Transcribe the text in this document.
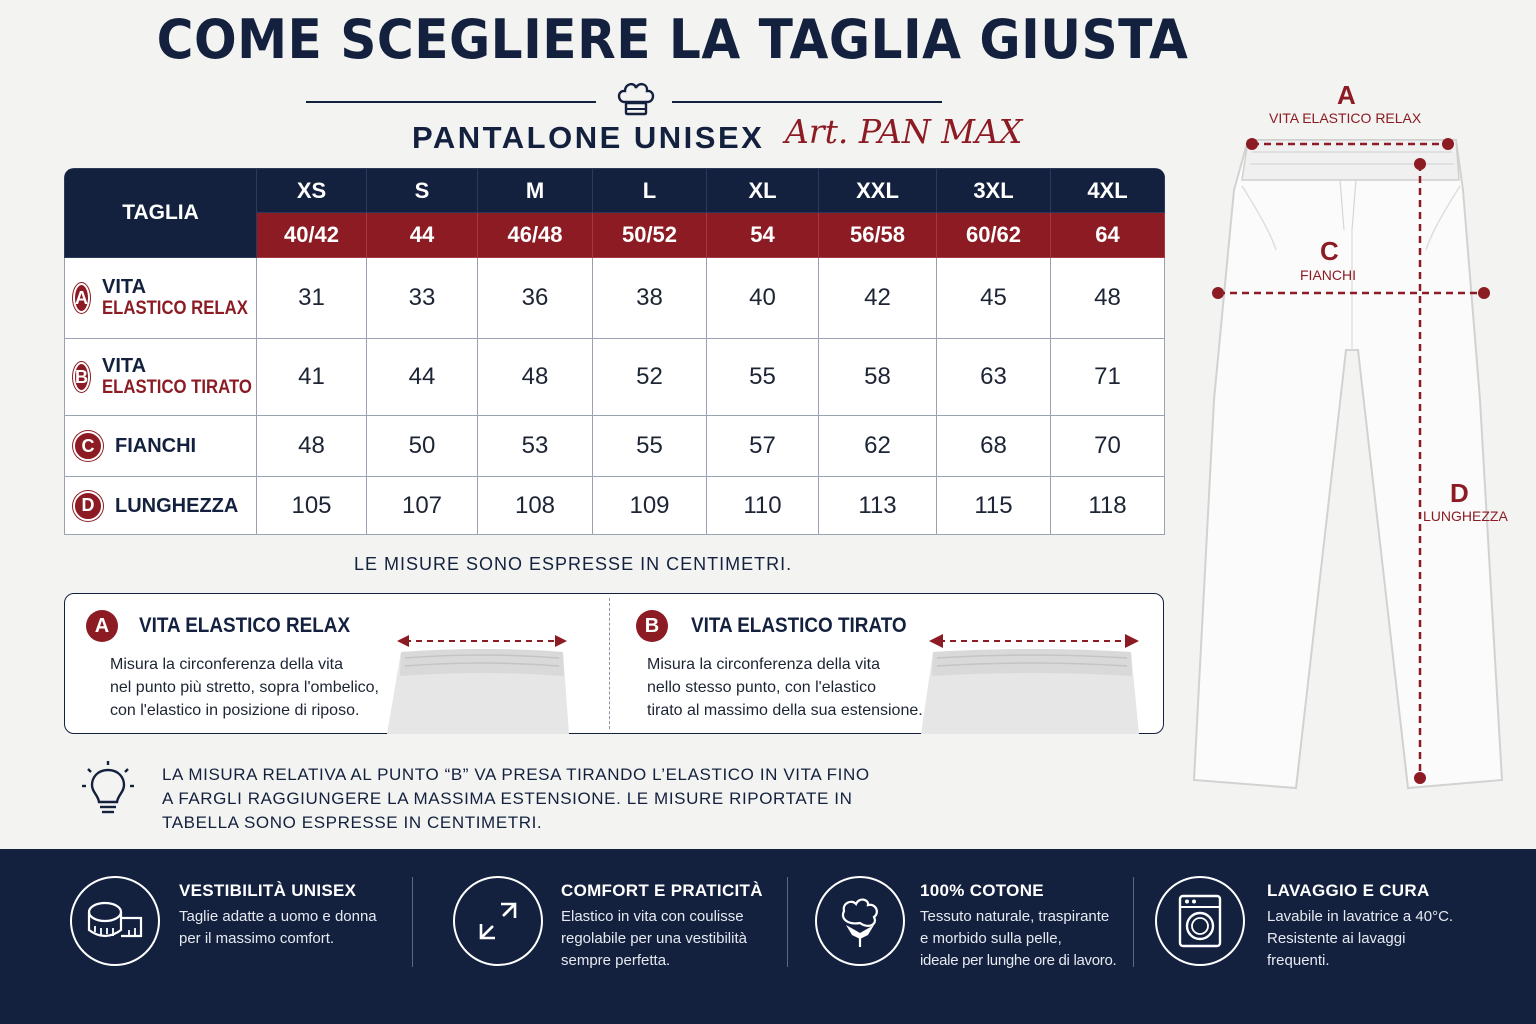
COME SCEGLIERE LA TAGLIA GIUSTA
PANTALONE UNISEX Art. PAN MAX
TAGLIA	XS	S	M	L	XL	XXL	3XL	4XL
	40/42	44	46/48	50/52	54	56/58	60/62	64

A VITA
ELASTICO RELAX	31	33	36	38	40	42	45	48

B VITA
ELASTICO TIRATO	41	44	48	52	55	58	63	71

C FIANCHI	48	50	53	55	57	62	68	70

D LUNGHEZZA	105	107	108	109	110	113	115	118
LE MISURE SONO ESPRESSE IN CENTIMETRI.
A	VITA ELASTICO RELAX
Misura la circonferenza della vita
nel punto più stretto, sopra l'ombelico,
con l'elastico in posizione di riposo.
B	VITA ELASTICO TIRATO
Misura la circonferenza della vita
nello stesso punto, con l'elastico
tirato al massimo della sua estensione.
LA MISURA RELATIVA AL PUNTO “B” VA PRESA TIRANDO L’ELASTICO IN VITA FINO
A FARGLI RAGGIUNGERE LA MASSIMA ESTENSIONE. LE MISURE RIPORTATE IN
TABELLA SONO ESPRESSE IN CENTIMETRI.
A
VITA ELASTICO RELAX
C
FIANCHI
D
LUNGHEZZA
VESTIBILITÀ UNISEX
Taglie adatte a uomo e donna
per il massimo comfort.
COMFORT E PRATICITÀ
Elastico in vita con coulisse
regolabile per una vestibilità
sempre perfetta.
100% COTONE
Tessuto naturale, traspirante
e morbido sulla pelle,
ideale per lunghe ore di lavoro.
LAVAGGIO E CURA
Lavabile in lavatrice a 40°C.
Resistente ai lavaggi
frequenti.
